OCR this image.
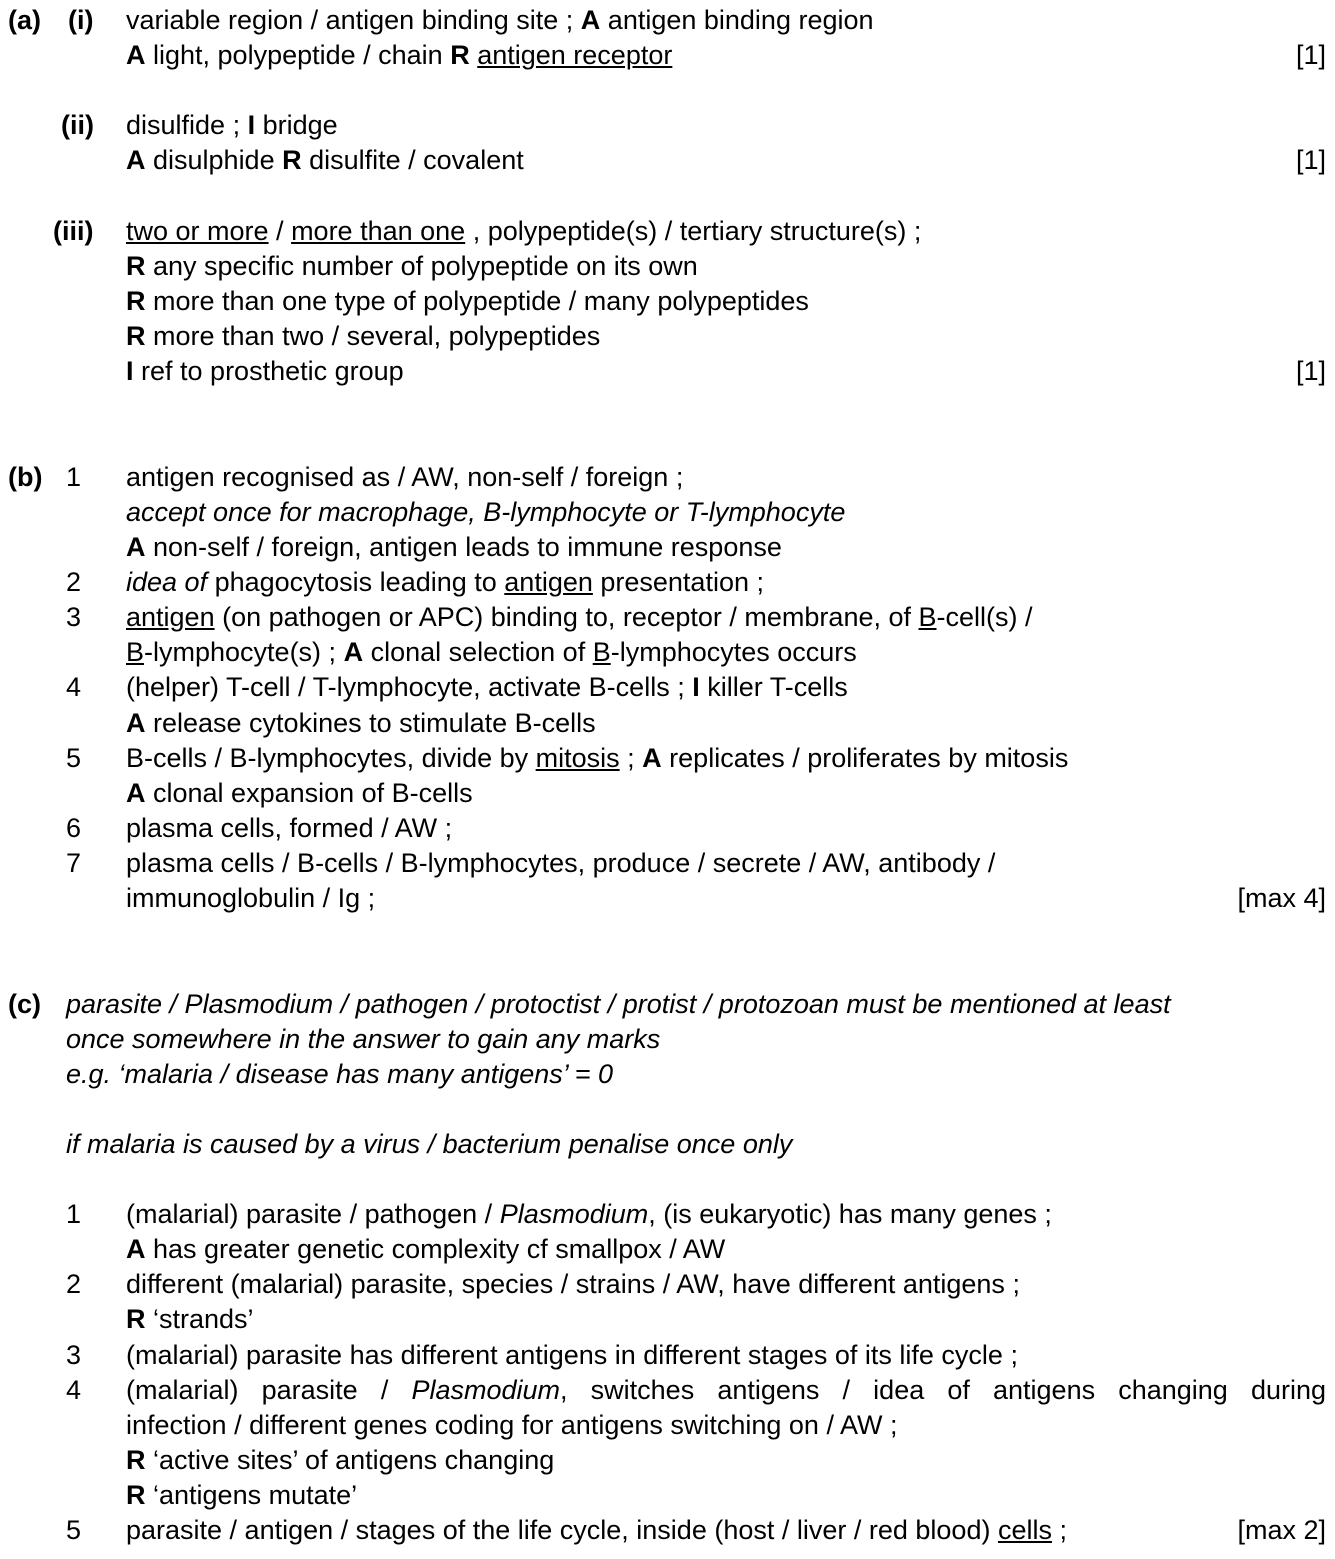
(a) (i) variable region / antigen binding site ; A antigen binding region
A light, polypeptide / chain R antigen receptor	[1]
(ii) disulfide ; I bridge
A disulphide R disulfite / covalent	[1]
(iii) two or more / more than one , polypeptide(s) / tertiary structure(s) ;
R any specific number of polypeptide on its own
R more than one type of polypeptide / many polypeptides
R more than two / several, polypeptides
I ref to prosthetic group	[1]
(b) 1 antigen recognised as / AW, non-self / foreign ;
accept once for macrophage, B-lymphocyte or T-lymphocyte
A non-self / foreign, antigen leads to immune response
2 idea of phagocytosis leading to antigen presentation ;
3 antigen (on pathogen or APC) binding to, receptor / membrane, of B-cell(s) /
B-lymphocyte(s) ; A clonal selection of B-lymphocytes occurs
4 (helper) T-cell / T-lymphocyte, activate B-cells ; I killer T-cells
A release cytokines to stimulate B-cells
5 B-cells / B-lymphocytes, divide by mitosis ; A replicates / proliferates by mitosis
A clonal expansion of B-cells
6 plasma cells, formed / AW ;
7 plasma cells / B-cells / B-lymphocytes, produce / secrete / AW, antibody /
immunoglobulin / Ig ;	[max 4]
(c) parasite / Plasmodium / pathogen / protoctist / protist / protozoan must be mentioned at least
once somewhere in the answer to gain any marks
e.g. ‘malaria / disease has many antigens’ = 0
if malaria is caused by a virus / bacterium penalise once only
1 (malarial) parasite / pathogen / Plasmodium, (is eukaryotic) has many genes ;
A has greater genetic complexity cf smallpox / AW
2 different (malarial) parasite, species / strains / AW, have different antigens ;
R ‘strands’
3 (malarial) parasite has different antigens in different stages of its life cycle ;
4 (malarial) parasite / Plasmodium, switches antigens / idea of antigens changing during
infection / different genes coding for antigens switching on / AW ;
R ‘active sites’ of antigens changing
R ‘antigens mutate’
5 parasite / antigen / stages of the life cycle, inside (host / liver / red blood) cells ;	[max 2]
